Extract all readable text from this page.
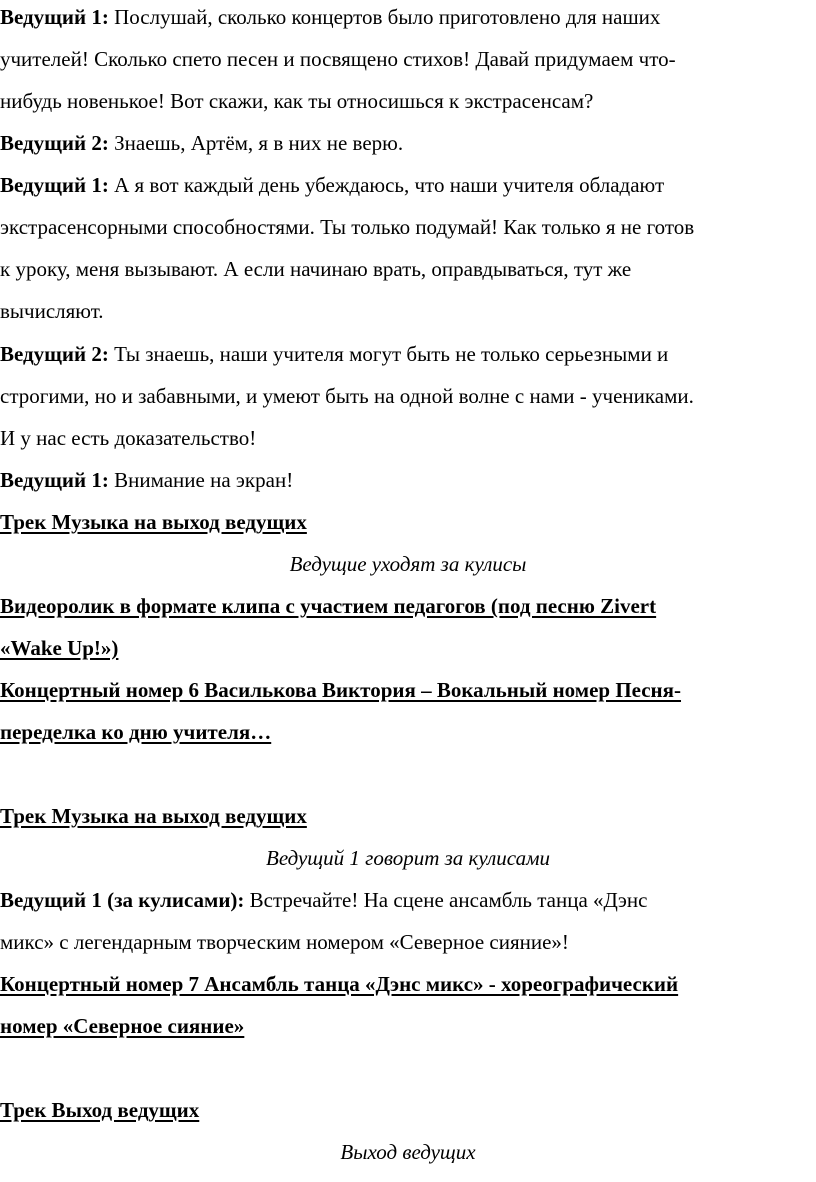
Ведущий 1: Послушай, сколько концертов было приготовлено для наших
учителей! Сколько спето песен и посвящено стихов! Давай придумаем что-
нибудь новенькое! Вот скажи, как ты относишься к экстрасенсам?
Ведущий 2: Знаешь, Артём, я в них не верю.
Ведущий 1: А я вот каждый день убеждаюсь, что наши учителя обладают
экстрасенсорными способностями. Ты только подумай! Как только я не готов
к уроку, меня вызывают. А если начинаю врать, оправдываться, тут же
вычисляют.
Ведущий 2: Ты знаешь, наши учителя могут быть не только серьезными и
строгими, но и забавными, и умеют быть на одной волне с нами - учениками.
И у нас есть доказательство!
Ведущий 1: Внимание на экран!
Трек Музыка на выход ведущих
Ведущие уходят за кулисы
Видеоролик в формате клипа с участием педагогов (под песню Zivert
«Wake Up!»)
Концертный номер 6 Василькова Виктория – Вокальный номер Песня-
переделка ко дню учителя…
Трек Музыка на выход ведущих
Ведущий 1 говорит за кулисами
Ведущий 1 (за кулисами): Встречайте! На сцене ансамбль танца «Дэнс
микс» с легендарным творческим номером «Северное сияние»!
Концертный номер 7 Ансамбль танца «Дэнс микс» - хореографический
номер «Северное сияние»
Трек Выход ведущих
Выход ведущих
